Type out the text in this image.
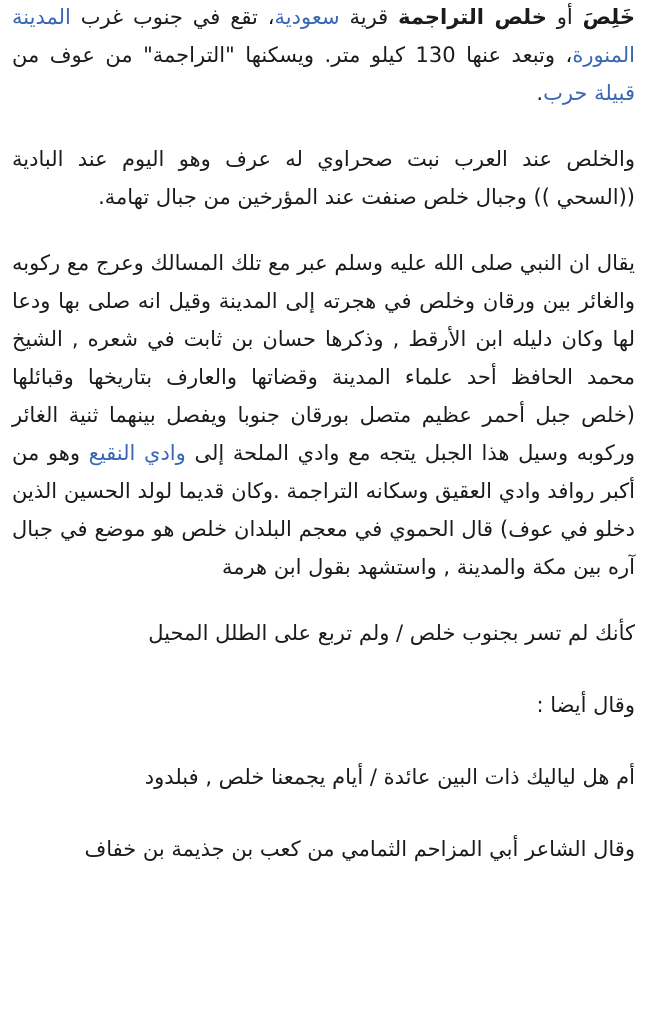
خَلِصَ أو خلص التراجمة قرية سعودية، تقع في جنوب غرب المدينة المنورة، وتبعد عنها 130 كيلو متر. ويسكنها "التراجمة" من عوف من قبيلة حرب.

والخلص عند العرب نبت صحراوي له عرف وهو اليوم عند البادية ((السحي )) وجبال خلص صنفت عند المؤرخين من جبال تهامة.

يقال ان النبي صلى الله عليه وسلم عبر مع تلك المسالك وعرج مع ركوبه والغائر بين ورقان وخلص في هجرته إلى المدينة وقيل انه صلى بها ودعا لها وكان دليله ابن الأرقط , وذكرها حسان بن ثابت في شعره , الشيخ محمد الحافظ أحد علماء المدينة وقضاتها والعارف بتاريخها وقبائلها (خلص جبل أحمر عظيم متصل بورقان جنوبا ويفصل بينهما ثنية الغائر وركوبه وسيل هذا الجبل يتجه مع وادي الملحة إلى وادي النقيع وهو من أكبر روافد وادي العقيق وسكانه التراجمة .وكان قديما لولد الحسين الذين دخلو في عوف) قال الحموي في معجم البلدان خلص هو موضع في جبال آره بين مكة والمدينة , واستشهد بقول ابن هرمة

كأنك لم تسر بجنوب خلص / ولم تربع على الطلل المحيل

وقال أيضا :

أم هل لياليك ذات البين عائدة / أيام يجمعنا خلص , فبلدود

وقال الشاعر أبي المزاحم الثمامي من كعب بن جذيمة بن خفاف
